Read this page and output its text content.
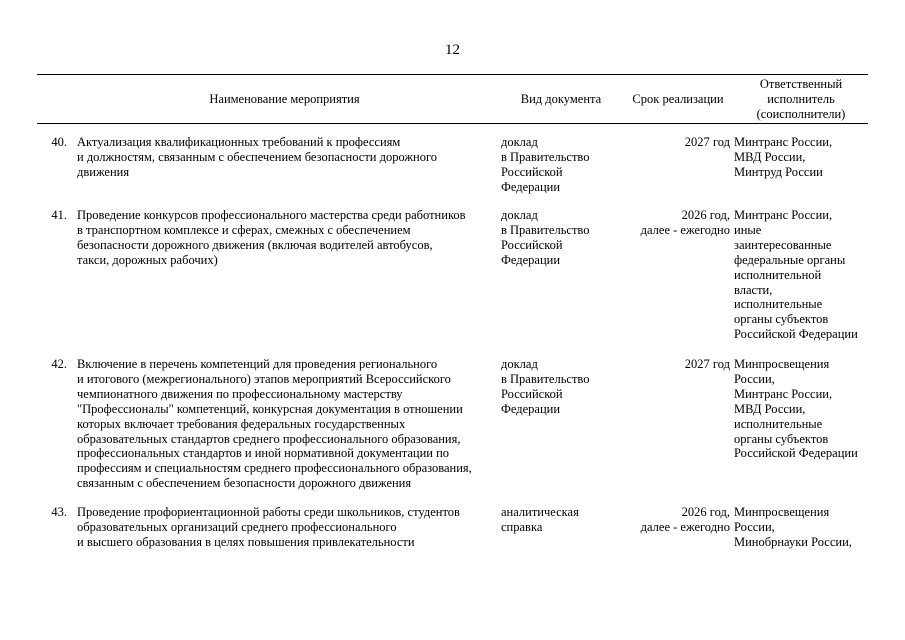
12
Наименование мероприятия	Вид документа	Срок реализации
Ответственный
исполнитель
(соисполнители)
40. Актуализация квалификационных требований к профессиям
и должностям, связанным с обеспечением безопасности дорожного
движения
доклад
в Правительство
Российской
Федерации
2027 год Минтранс России,
МВД России,
Минтруд России
41. Проведение конкурсов профессионального мастерства среди работников
в транспортном комплексе и сферах, смежных с обеспечением
безопасности дорожного движения (включая водителей автобусов,
такси, дорожных рабочих)
доклад
в Правительство
Российской
Федерации
2026 год,
далее - ежегодно
Минтранс России,
иные
заинтересованные
федеральные органы
исполнительной
власти,
исполнительные
органы субъектов
Российской Федерации
42. Включение в перечень компетенций для проведения регионального
и итогового (межрегионального) этапов мероприятий Всероссийского
чемпионатного движения по профессиональному мастерству
"Профессионалы" компетенций, конкурсная документация в отношении
которых включает требования федеральных государственных
образовательных стандартов среднего профессионального образования,
профессиональных стандартов и иной нормативной документации по
профессиям и специальностям среднего профессионального образования,
связанным с обеспечением безопасности дорожного движения
доклад
в Правительство
Российской
Федерации
2027 год Минпросвещения
России,
Минтранс России,
МВД России,
исполнительные
органы субъектов
Российской Федерации
43. Проведение профориентационной работы среди школьников, студентов
образовательных организаций среднего профессионального
и высшего образования в целях повышения привлекательности
аналитическая
справка
2026 год,
далее - ежегодно
Минпросвещения
России,
Минобрнауки России,
